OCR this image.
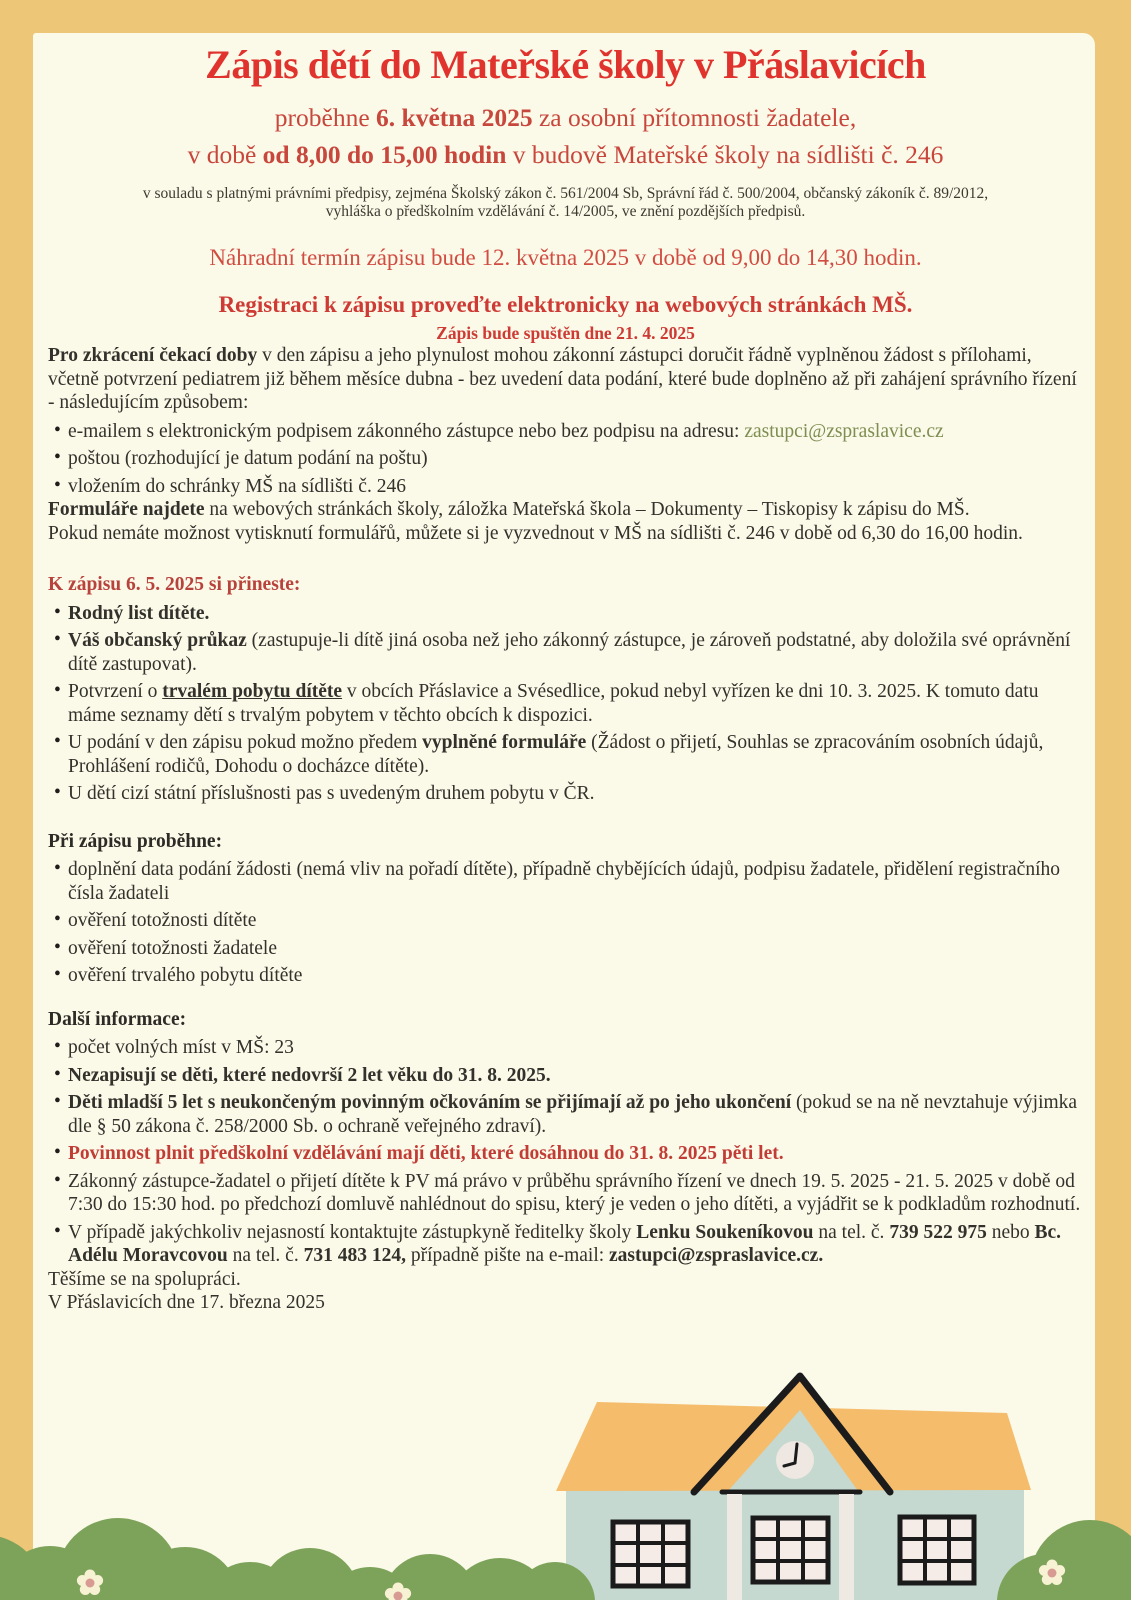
Zápis dětí do Mateřské školy v Přáslavicích

proběhne 6. května 2025 za osobní přítomnosti žadatele,
v době od 8,00 do 15,00 hodin v budově Mateřské školy na sídlišti č. 246

v souladu s platnými právními předpisy, zejména Školský zákon č. 561/2004 Sb, Správní řád č. 500/2004, občanský zákoník č. 89/2012,
vyhláška o předškolním vzdělávání č. 14/2005, ve znění pozdějších předpisů.

Náhradní termín zápisu bude 12. května 2025 v době od 9,00 do 14,30 hodin.

Registraci k zápisu proveďte elektronicky na webových stránkách MŠ.

Zápis bude spuštěn dne 21. 4. 2025

Pro zkrácení čekací doby v den zápisu a jeho plynulost mohou zákonní zástupci doručit řádně vyplněnou žádost s přílohami, včetně potvrzení pediatrem již během měsíce dubna - bez uvedení data podání, které bude doplněno až při zahájení správního řízení - následujícím způsobem:

• e-mailem s elektronickým podpisem zákonného zástupce nebo bez podpisu na adresu: zastupci@zspraslavice.cz
• poštou (rozhodující je datum podání na poštu)
• vložením do schránky MŠ na sídlišti č. 246

Formuláře najdete na webových stránkách školy, záložka Mateřská škola – Dokumenty – Tiskopisy k zápisu do MŠ.
Pokud nemáte možnost vytisknutí formulářů, můžete si je vyzvednout v MŠ na sídlišti č. 246 v době od 6,30 do 16,00 hodin.

K zápisu 6. 5. 2025 si přineste:

• Rodný list dítěte.
• Váš občanský průkaz (zastupuje-li dítě jiná osoba než jeho zákonný zástupce, je zároveň podstatné, aby doložila své oprávnění dítě zastupovat).
• Potvrzení o trvalém pobytu dítěte v obcích Přáslavice a Svésedlice, pokud nebyl vyřízen ke dni 10. 3. 2025. K tomuto datu máme seznamy dětí s trvalým pobytem v těchto obcích k dispozici.
• U podání v den zápisu pokud možno předem vyplněné formuláře (Žádost o přijetí, Souhlas se zpracováním osobních údajů, Prohlášení rodičů, Dohodu o docházce dítěte).
• U dětí cizí státní příslušnosti pas s uvedeným druhem pobytu v ČR.

Při zápisu proběhne:

• doplnění data podání žádosti (nemá vliv na pořadí dítěte), případně chybějících údajů, podpisu žadatele, přidělení registračního čísla žadateli
• ověření totožnosti dítěte
• ověření totožnosti žadatele
• ověření trvalého pobytu dítěte

Další informace:

• počet volných míst v MŠ: 23
• Nezapisují se děti, které nedovrší 2 let věku do 31. 8. 2025.
• Děti mladší 5 let s neukončeným povinným očkováním se přijímají až po jeho ukončení (pokud se na ně nevztahuje výjimka dle § 50 zákona č. 258/2000 Sb. o ochraně veřejného zdraví).
• Povinnost plnit předškolní vzdělávání mají děti, které dosáhnou do 31. 8. 2025 pěti let.
• Zákonný zástupce-žadatel o přijetí dítěte k PV má právo v průběhu správního řízení ve dnech 19. 5. 2025 - 21. 5. 2025 v době od 7:30 do 15:30 hod. po předchozí domluvě nahlédnout do spisu, který je veden o jeho dítěti, a vyjádřit se k podkladům rozhodnutí.
• V případě jakýchkoliv nejasností kontaktujte zástupkyně ředitelky školy Lenku Soukeníkovou na tel. č. 739 522 975 nebo Bc. Adélu Moravcovou na tel. č. 731 483 124, případně pište na e-mail: zastupci@zspraslavice.cz.

Těšíme se na spolupráci.

V Přáslavicích dne 17. března 2025
